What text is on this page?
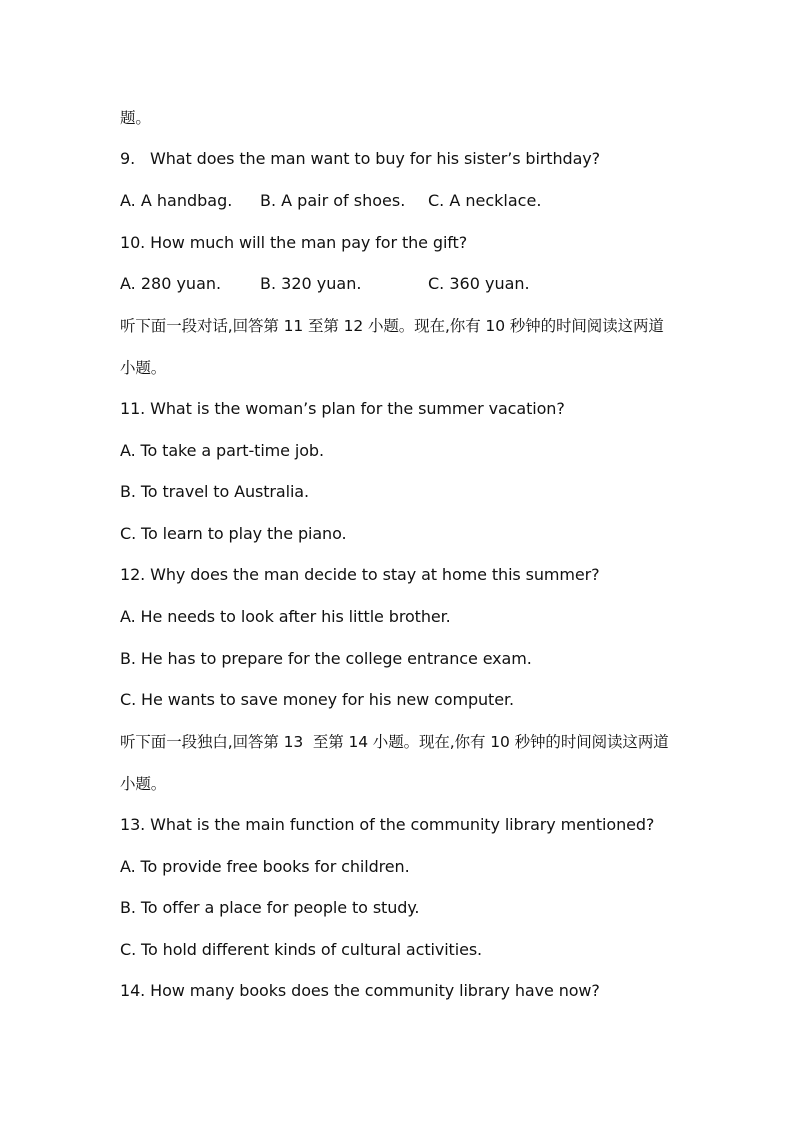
题。
9.   What does the man want to buy for his sister’s birthday?
A. A handbag. B. A pair of shoes. C. A necklace.
10. How much will the man pay for the gift?
A. 280 yuan. B. 320 yuan.	C. 360 yuan.
听下面一段对话,回答第 11 至第 12 小题。现在,你有 10 秒钟的时间阅读这两道
小题。
11. What is the woman’s plan for the summer vacation?
A. To take a part-time job.
B. To travel to Australia.
C. To learn to play the piano.
12. Why does the man decide to stay at home this summer?
A. He needs to look after his little brother.
B. He has to prepare for the college entrance exam.
C. He wants to save money for his new computer.
听下面一段独白,回答第 13  至第 14 小题。现在,你有 10 秒钟的时间阅读这两道
小题。
13. What is the main function of the community library mentioned?
A. To provide free books for children.
B. To offer a place for people to study.
C. To hold different kinds of cultural activities.
14. How many books does the community library have now?
